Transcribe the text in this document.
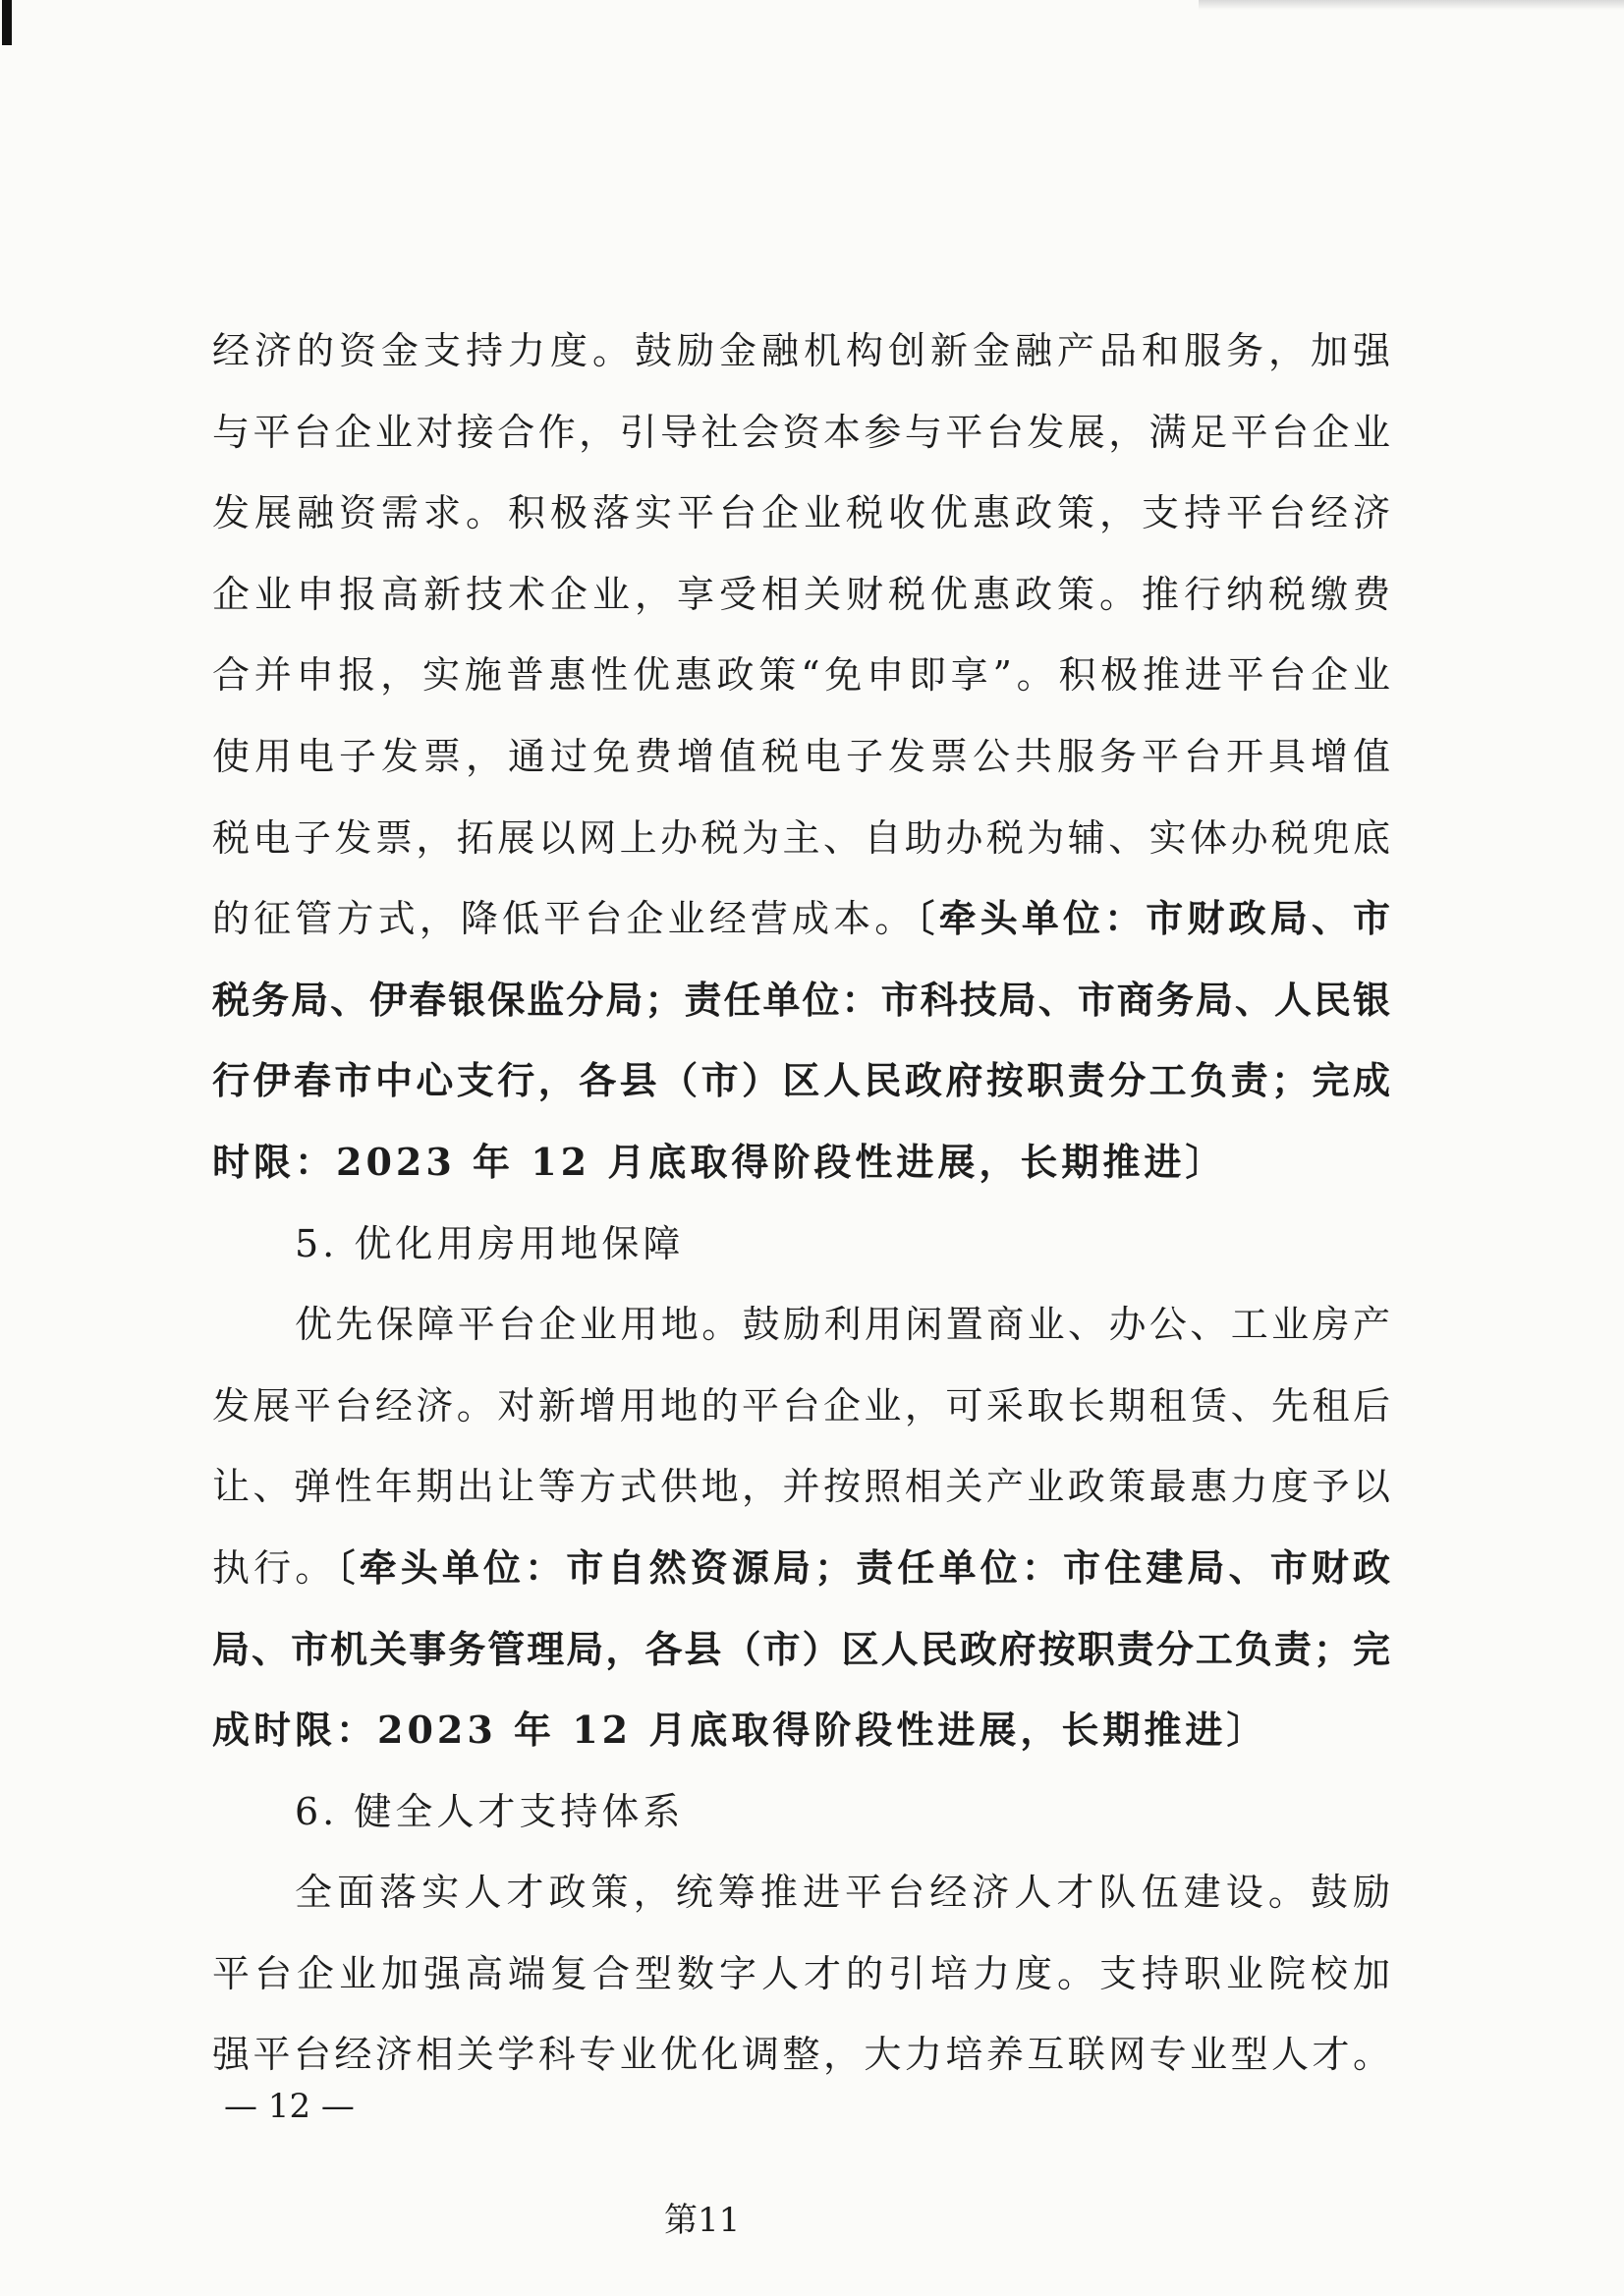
经济的资金支持力度。鼓励金融机构创新金融产品和服务，加强
与平台企业对接合作，引导社会资本参与平台发展，满足平台企业
发展融资需求。积极落实平台企业税收优惠政策，支持平台经济
企业申报高新技术企业，享受相关财税优惠政策。推行纳税缴费
合并申报，实施普惠性优惠政策“免申即享”。积极推进平台企业
使用电子发票，通过免费增值税电子发票公共服务平台开具增值
税电子发票，拓展以网上办税为主、自助办税为辅、实体办税兜底
的征管方式，降低平台企业经营成本。〔牵头单位：市财政局、市
税务局、伊春银保监分局；责任单位：市科技局、市商务局、人民银
行伊春市中心支行，各县（市）区人民政府按职责分工负责；完成
时限：2023 年 12 月底取得阶段性进展，长期推进〕
5. 优化用房用地保障
优先保障平台企业用地。鼓励利用闲置商业、办公、工业房产
发展平台经济。对新增用地的平台企业，可采取长期租赁、先租后
让、弹性年期出让等方式供地，并按照相关产业政策最惠力度予以
执行。〔牵头单位：市自然资源局；责任单位：市住建局、市财政
局、市机关事务管理局，各县（市）区人民政府按职责分工负责；完
成时限：2023 年 12 月底取得阶段性进展，长期推进〕
6. 健全人才支持体系
全面落实人才政策，统筹推进平台经济人才队伍建设。鼓励
平台企业加强高端复合型数字人才的引培力度。支持职业院校加
强平台经济相关学科专业优化调整，大力培养互联网专业型人才。
— 12 —
第11
